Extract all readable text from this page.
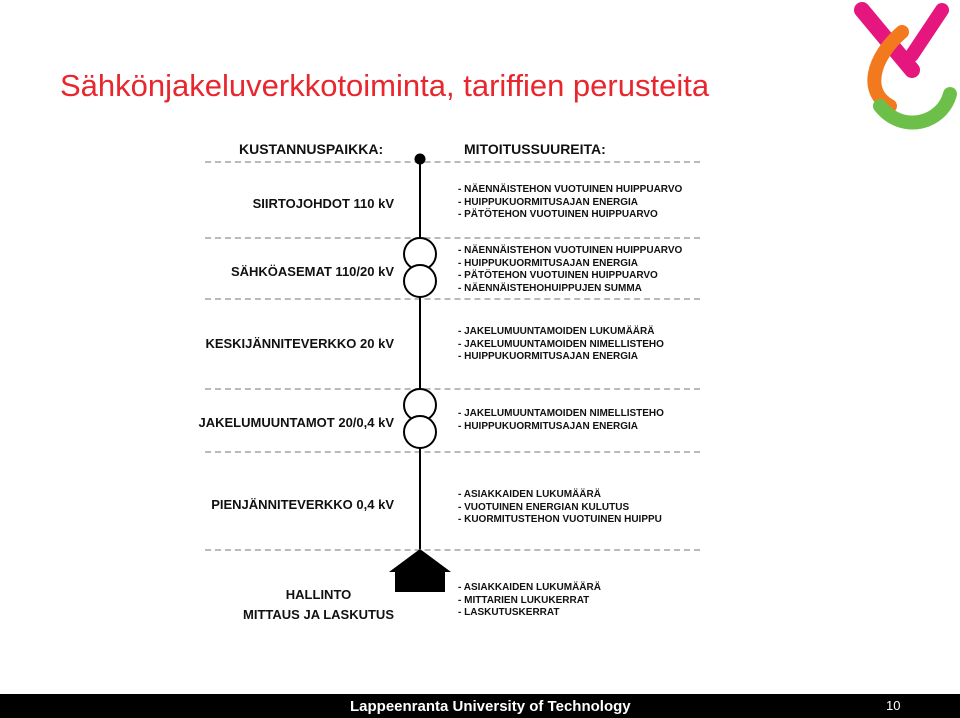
Sähkönjakeluverkkotoiminta, tariffien perusteita
KUSTANNUSPAIKKA:	MITOITUSSUUREITA:
SIIRTOJOHDOT 110 kV
- NÄENNÄISTEHON VUOTUINEN HUIPPUARVO
- HUIPPUKUORMITUSAJAN ENERGIA
- PÄTÖTEHON VUOTUINEN HUIPPUARVO
SÄHKÖASEMAT 110/20 kV
- NÄENNÄISTEHON VUOTUINEN HUIPPUARVO
- HUIPPUKUORMITUSAJAN ENERGIA
- PÄTÖTEHON VUOTUINEN HUIPPUARVO
- NÄENNÄISTEHOHUIPPUJEN SUMMA
KESKIJÄNNITEVERKKO 20 kV
- JAKELUMUUNTAMOIDEN LUKUMÄÄRÄ
- JAKELUMUUNTAMOIDEN NIMELLISTEHO
- HUIPPUKUORMITUSAJAN ENERGIA
JAKELUMUUNTAMOT 20/0,4 kV
- JAKELUMUUNTAMOIDEN NIMELLISTEHO
- HUIPPUKUORMITUSAJAN ENERGIA
PIENJÄNNITEVERKKO 0,4 kV
- ASIAKKAIDEN LUKUMÄÄRÄ
- VUOTUINEN ENERGIAN KULUTUS
- KUORMITUSTEHON VUOTUINEN HUIPPU
HALLINTO
MITTAUS JA LASKUTUS
- ASIAKKAIDEN LUKUMÄÄRÄ
- MITTARIEN LUKUKERRAT
- LASKUTUSKERRAT
Lappeenranta University of Technology	10
